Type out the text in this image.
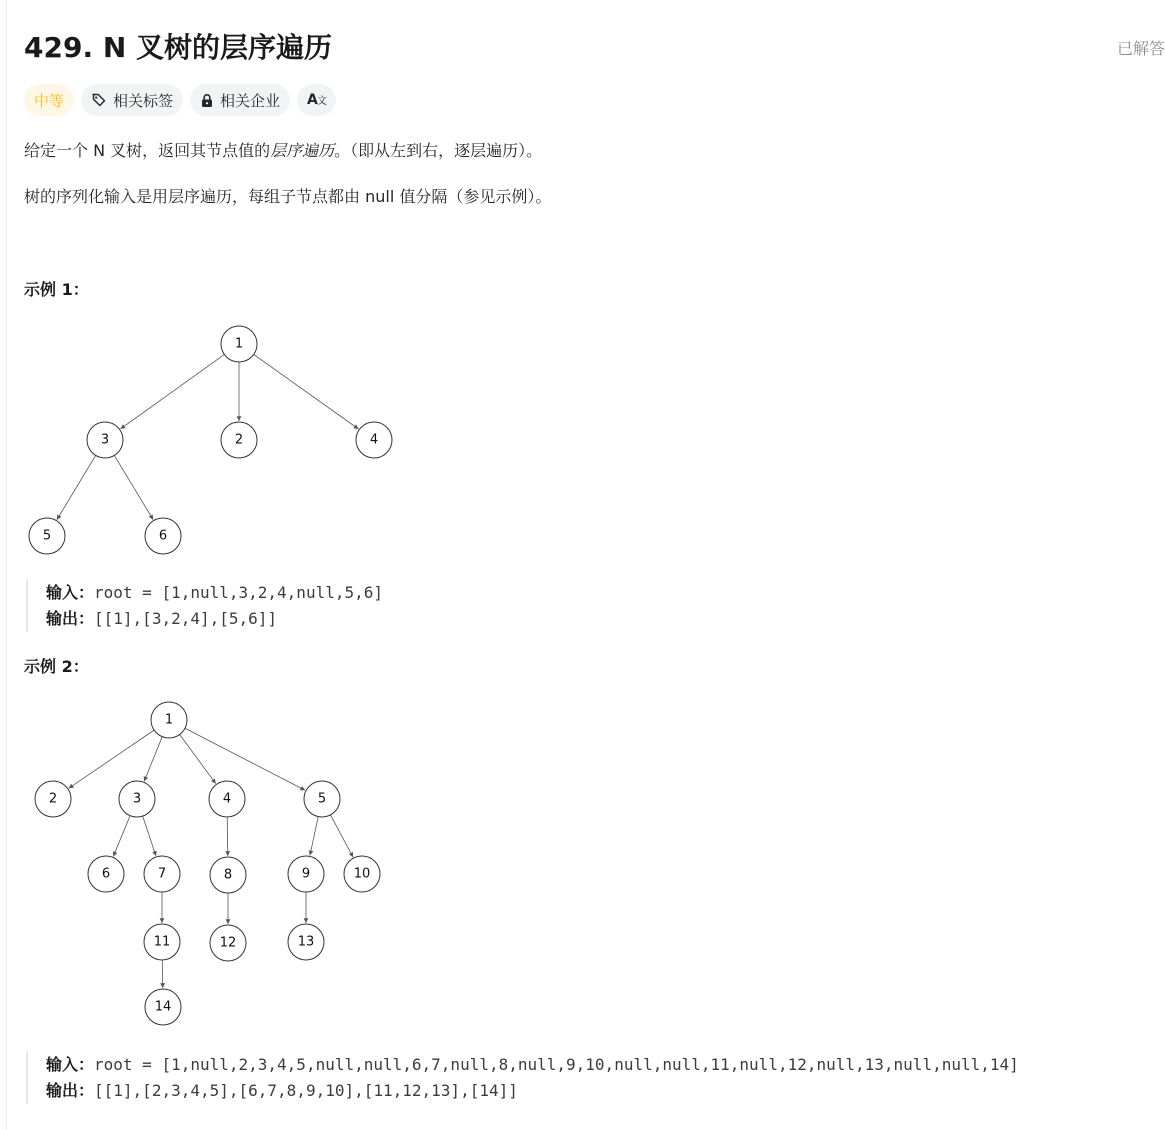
429. N 叉树的层序遍历	已解答
中等	相关标签	相关企业 A文

给定一个 N 叉树，返回其节点值的层序遍历。（即从左到右，逐层遍历）。

树的序列化输入是用层序遍历，每组子节点都由 null 值分隔（参见示例）。

示例 1：
1
3	2	4
5	6
输入：root = [1,null,3,2,4,null,5,6]
输出：[[1],[3,2,4],[5,6]]
示例 2：
1
2	3	4	5
6	7	8	9	10
11	12	13
14
输入：root = [1,null,2,3,4,5,null,null,6,7,null,8,null,9,10,null,null,11,null,12,null,13,null,null,14]
输出：[[1],[2,3,4,5],[6,7,8,9,10],[11,12,13],[14]]
